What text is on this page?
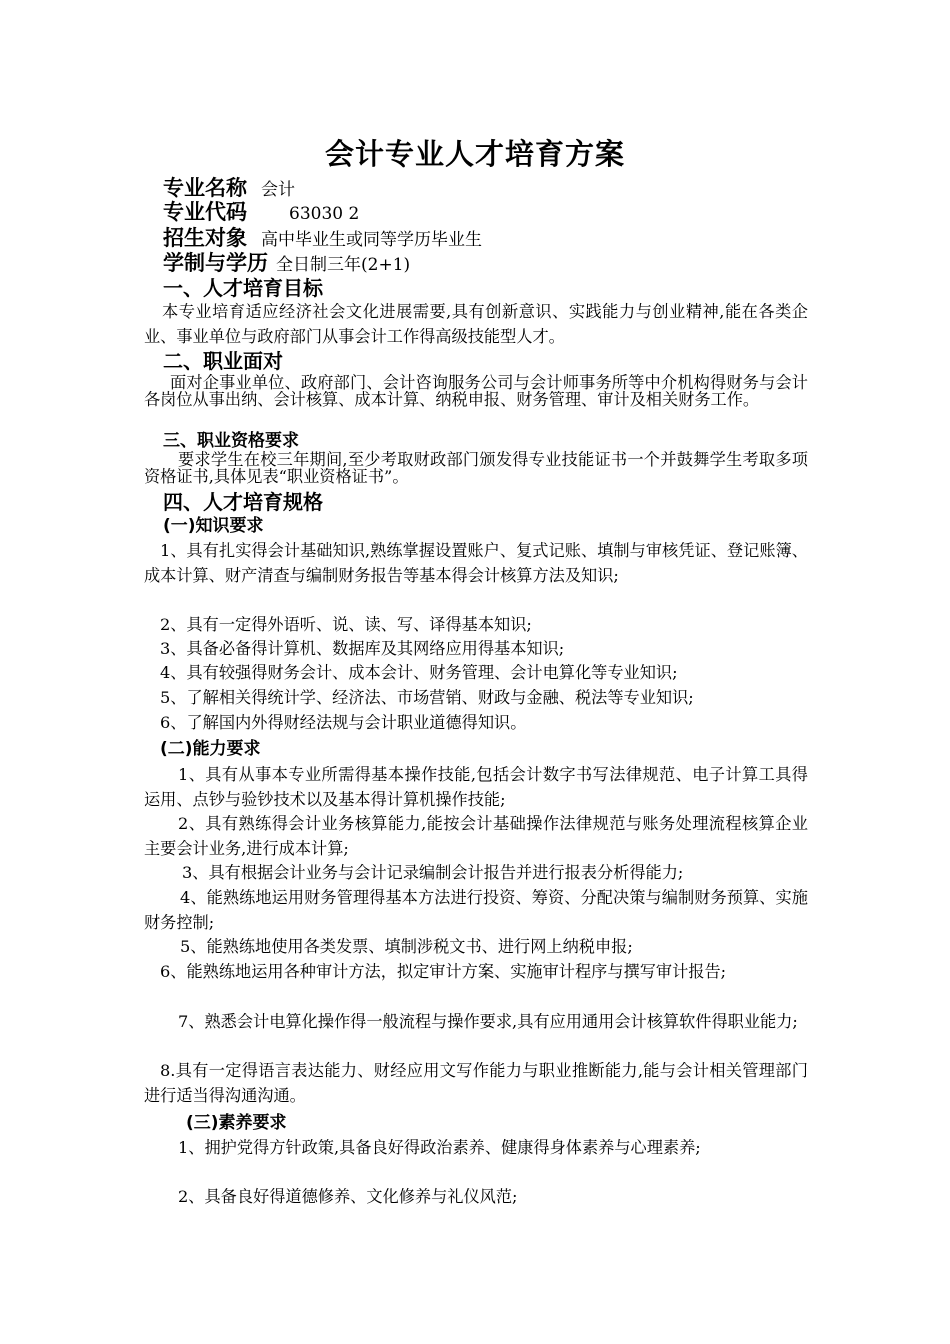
会计专业人才培育方案
专业名称 会计
专业代码 63030 2
招生对象 高中毕业生或同等学历毕业生
学制与学历 全日制三年(2+1)
一、人才培育目标
本专业培育适应经济社会文化进展需要,具有创新意识、实践能力与创业精神,能在各类企业、事业单位与政府部门从事会计工作得高级技能型人才。
二、职业面对
面对企事业单位、政府部门、会计咨询服务公司与会计师事务所等中介机构得财务与会计各岗位从事出纳、会计核算、成本计算、纳税申报、财务管理、审计及相关财务工作。
三、职业资格要求
要求学生在校三年期间,至少考取财政部门颁发得专业技能证书一个并鼓舞学生考取多项资格证书,具体见表“职业资格证书”。
四、人才培育规格
(一)知识要求
1、具有扎实得会计基础知识,熟练掌握设置账户、复式记账、填制与审核凭证、登记账簿、成本计算、财产清查与编制财务报告等基本得会计核算方法及知识;
2、具有一定得外语听、说、读、写、译得基本知识;
3、具备必备得计算机、数据库及其网络应用得基本知识;
4、具有较强得财务会计、成本会计、财务管理、会计电算化等专业知识;
5、了解相关得统计学、经济法、市场营销、财政与金融、税法等专业知识;
6、了解国内外得财经法规与会计职业道德得知识。
(二)能力要求
1、具有从事本专业所需得基本操作技能,包括会计数字书写法律规范、电子计算工具得运用、点钞与验钞技术以及基本得计算机操作技能;
2、具有熟练得会计业务核算能力,能按会计基础操作法律规范与账务处理流程核算企业主要会计业务,进行成本计算;
3、具有根据会计业务与会计记录编制会计报告并进行报表分析得能力;
4、能熟练地运用财务管理得基本方法进行投资、筹资、分配决策与编制财务预算、实施财务控制;
5、能熟练地使用各类发票、填制涉税文书、进行网上纳税申报;
6、能熟练地运用各种审计方法，拟定审计方案、实施审计程序与撰写审计报告;
7、熟悉会计电算化操作得一般流程与操作要求,具有应用通用会计核算软件得职业能力;
8.具有一定得语言表达能力、财经应用文写作能力与职业推断能力,能与会计相关管理部门进行适当得沟通沟通。
(三)素养要求
1、拥护党得方针政策,具备良好得政治素养、健康得身体素养与心理素养;
2、具备良好得道德修养、文化修养与礼仪风范;
